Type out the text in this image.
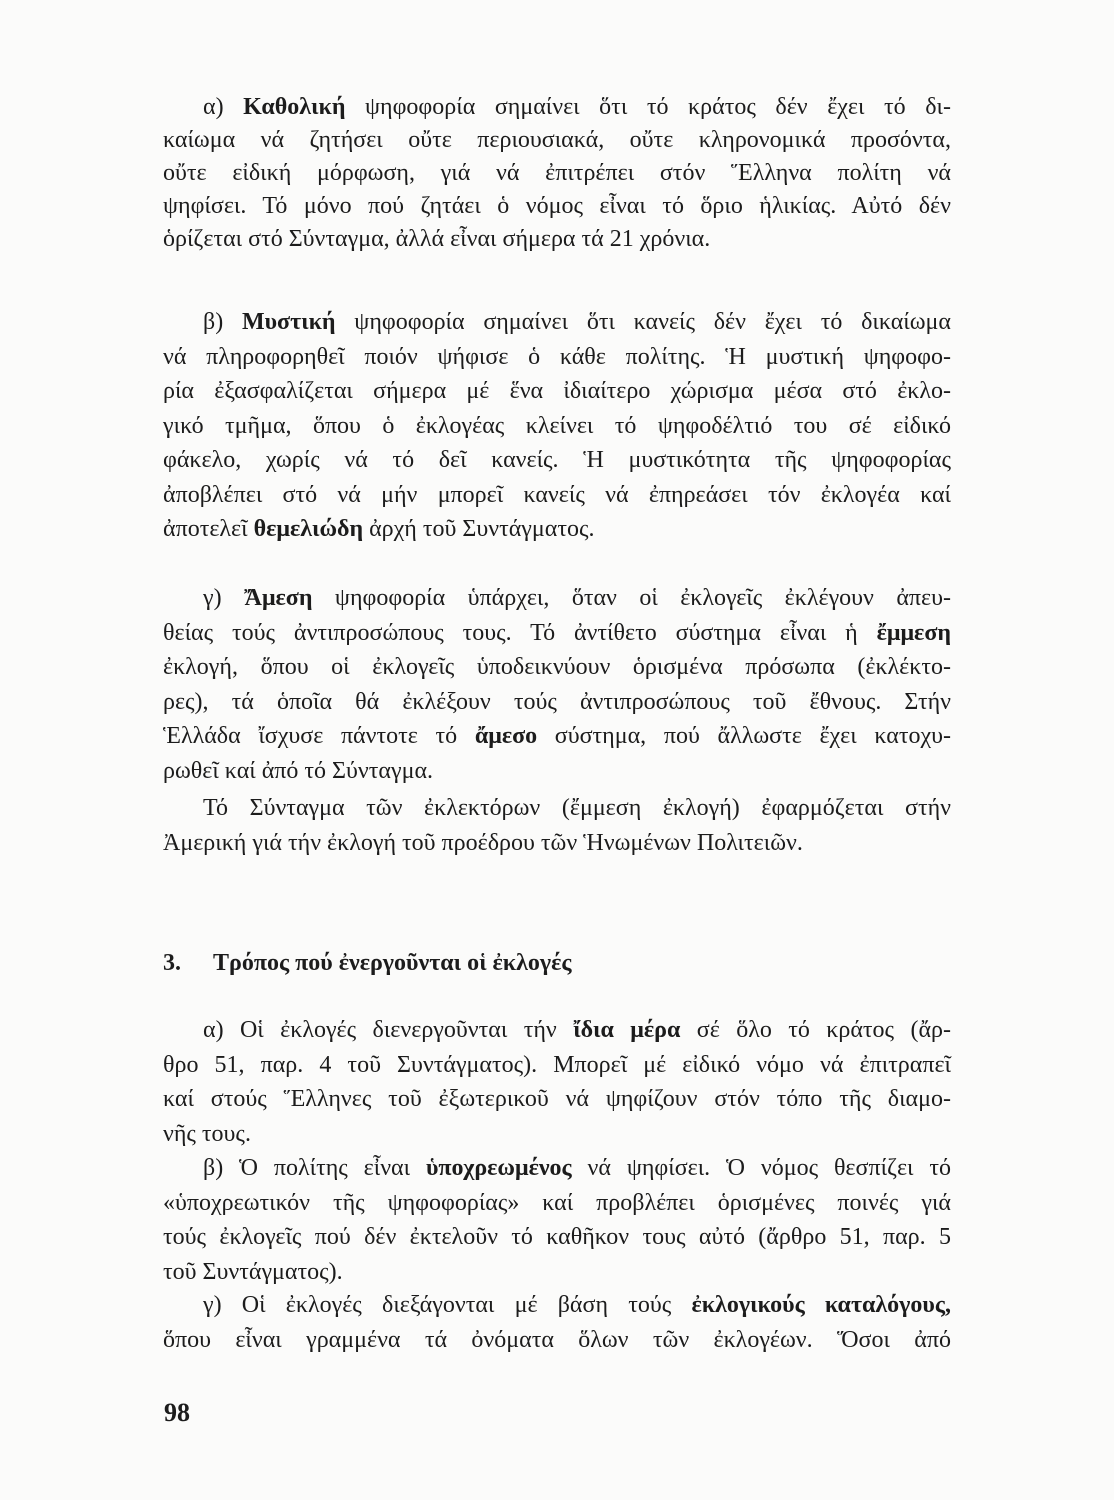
α) Καθολική ψηφοφορία σημαίνει ὅτι τό κράτος δέν ἔχει τό δι-
καίωμα νά ζητήσει οὔτε περιουσιακά, οὔτε κληρονομικά προσόντα,
οὔτε εἰδική μόρφωση, γιά νά ἐπιτρέπει στόν Ἕλληνα πολίτη νά
ψηφίσει. Τό μόνο πού ζητάει ὁ νόμος εἶναι τό ὅριο ἡλικίας. Αὐτό δέν
ὁρίζεται στό Σύνταγμα, ἀλλά εἶναι σήμερα τά 21 χρόνια.
β) Μυστική ψηφοφορία σημαίνει ὅτι κανείς δέν ἔχει τό δικαίωμα
νά πληροφορηθεῖ ποιόν ψήφισε ὁ κάθε πολίτης. Ἡ μυστική ψηφοφο-
ρία ἐξασφαλίζεται σήμερα μέ ἕνα ἰδιαίτερο χώρισμα μέσα στό ἐκλο-
γικό τμῆμα, ὅπου ὁ ἐκλογέας κλείνει τό ψηφοδέλτιό του σέ εἰδικό
φάκελο, χωρίς νά τό δεῖ κανείς. Ἡ μυστικότητα τῆς ψηφοφορίας
ἀποβλέπει στό νά μήν μπορεῖ κανείς νά ἐπηρεάσει τόν ἐκλογέα καί
ἀποτελεῖ θεμελιώδη ἀρχή τοῦ Συντάγματος.
γ) Ἄμεση ψηφοφορία ὑπάρχει, ὅταν οἱ ἐκλογεῖς ἐκλέγουν ἀπευ-
θείας τούς ἀντιπροσώπους τους. Τό ἀντίθετο σύστημα εἶναι ἡ ἔμμεση
ἐκλογή, ὅπου οἱ ἐκλογεῖς ὑποδεικνύουν ὁρισμένα πρόσωπα (ἐκλέκτο-
ρες), τά ὁποῖα θά ἐκλέξουν τούς ἀντιπροσώπους τοῦ ἔθνους. Στήν
Ἑλλάδα ἴσχυσε πάντοτε τό ἄμεσο σύστημα, πού ἄλλωστε ἔχει κατοχυ-
ρωθεῖ καί ἀπό τό Σύνταγμα.
Τό Σύνταγμα τῶν ἐκλεκτόρων (ἔμμεση ἐκλογή) ἐφαρμόζεται στήν
Ἀμερική γιά τήν ἐκλογή τοῦ προέδρου τῶν Ἡνωμένων Πολιτειῶν.
3. Τρόπος πού ἐνεργοῦνται οἱ ἐκλογές
α) Οἱ ἐκλογές διενεργοῦνται τήν ἴδια μέρα σέ ὅλο τό κράτος (ἄρ-
θρο 51, παρ. 4 τοῦ Συντάγματος). Μπορεῖ μέ εἰδικό νόμο νά ἐπιτραπεῖ
καί στούς Ἕλληνες τοῦ ἐξωτερικοῦ νά ψηφίζουν στόν τόπο τῆς διαμο-
νῆς τους.
β) Ὁ πολίτης εἶναι ὑποχρεωμένος νά ψηφίσει. Ὁ νόμος θεσπίζει τό
«ὑποχρεωτικόν τῆς ψηφοφορίας» καί προβλέπει ὁρισμένες ποινές γιά
τούς ἐκλογεῖς πού δέν ἐκτελοῦν τό καθῆκον τους αὐτό (ἄρθρο 51, παρ. 5
τοῦ Συντάγματος).
γ) Οἱ ἐκλογές διεξάγονται μέ βάση τούς ἐκλογικούς καταλόγους,
ὅπου εἶναι γραμμένα τά ὀνόματα ὅλων τῶν ἐκλογέων. Ὅσοι ἀπό
98
